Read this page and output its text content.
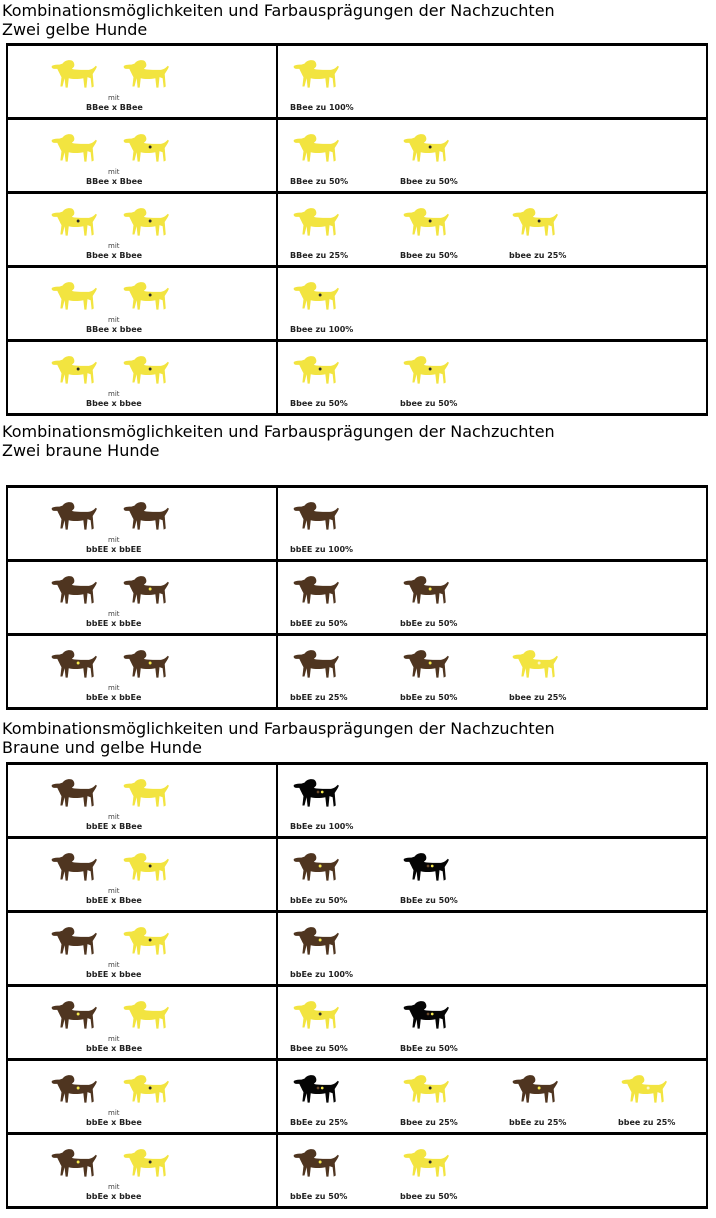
Kombinationsmöglichkeiten und Farbausprägungen der Nachzuchten
Zwei gelbe Hunde
mit
BBee x BBee	BBee zu 100%
mit
BBee x Bbee	BBee zu 50%	Bbee zu 50%
mit
Bbee x Bbee	BBee zu 25%	Bbee zu 50%	bbee zu 25%
mit
BBee x bbee	Bbee zu 100%
mit
Bbee x bbee	Bbee zu 50%	bbee zu 50%
Kombinationsmöglichkeiten und Farbausprägungen der Nachzuchten
Zwei braune Hunde
mit
bbEE x bbEE	bbEE zu 100%
mit
bbEE x bbEe	bbEE zu 50%	bbEe zu 50%
mit
bbEe x bbEe	bbEE zu 25%	bbEe zu 50%	bbee zu 25%
Kombinationsmöglichkeiten und Farbausprägungen der Nachzuchten
Braune und gelbe Hunde
mit
bbEE x BBee	BbEe zu 100%
mit
bbEE x Bbee	bbEe zu 50%	BbEe zu 50%
mit
bbEE x bbee	bbEe zu 100%
mit
bbEe x BBee	Bbee zu 50%	BbEe zu 50%
mit
bbEe x Bbee	BbEe zu 25%	Bbee zu 25%	bbEe zu 25%	bbee zu 25%
mit
bbEe x bbee	bbEe zu 50%	bbee zu 50%
